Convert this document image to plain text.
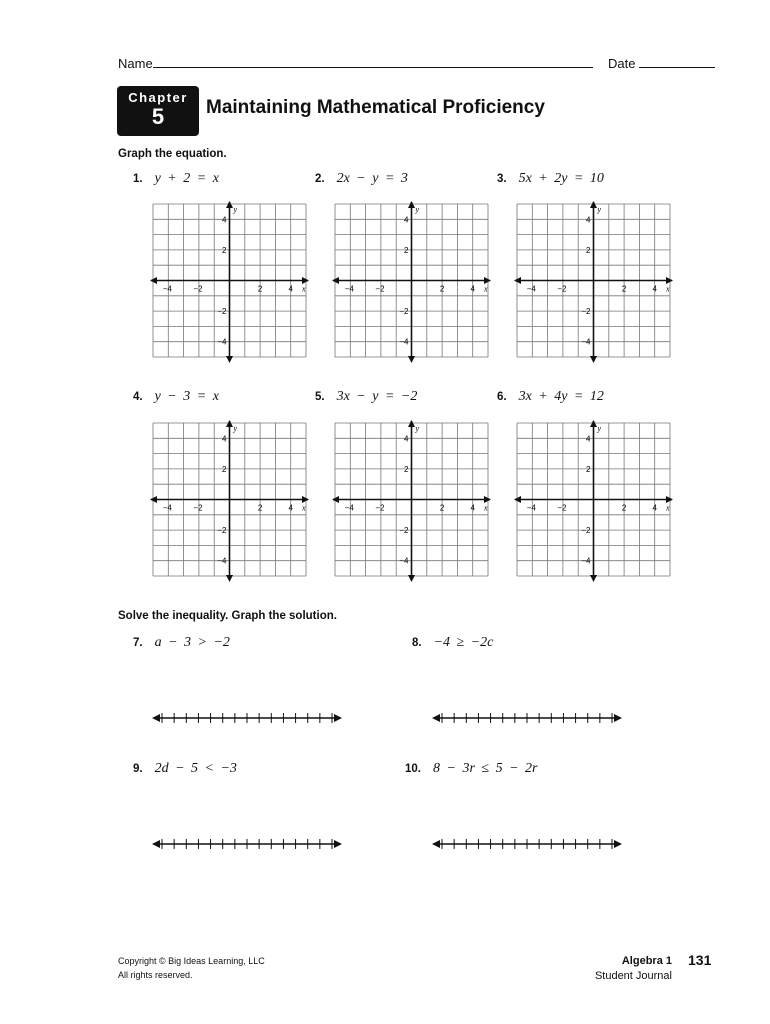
Name	Date
Chapter
5	Maintaining Mathematical Proficiency
Graph the equation.
1. y + 2 = x	2. 2x − y = 3	3. 5x + 2y = 10
−4	−2	2	4
4
2
−2
−4
x
y
−4	−2	2	4
4
2
−2
−4
x
y
−4	−2	2	4
4
2
−2
−4
x
y
4. y − 3 = x	5. 3x − y = −2	6. 3x + 4y = 12
−4	−2	2	4
4
2
−2
−4
x
y
−4	−2	2	4
4
2
−2
−4
x
y
−4	−2	2	4
4
2
−2
−4
x
y
Solve the inequality. Graph the solution.
7. a − 3 > −2	8. −4 ≥ −2c
9. 2d − 5 < −3	10. 8 − 3r ≤ 5 − 2r
Copyright © Big Ideas Learning, LLC
All rights reserved.
Algebra 1
Student Journal
131
